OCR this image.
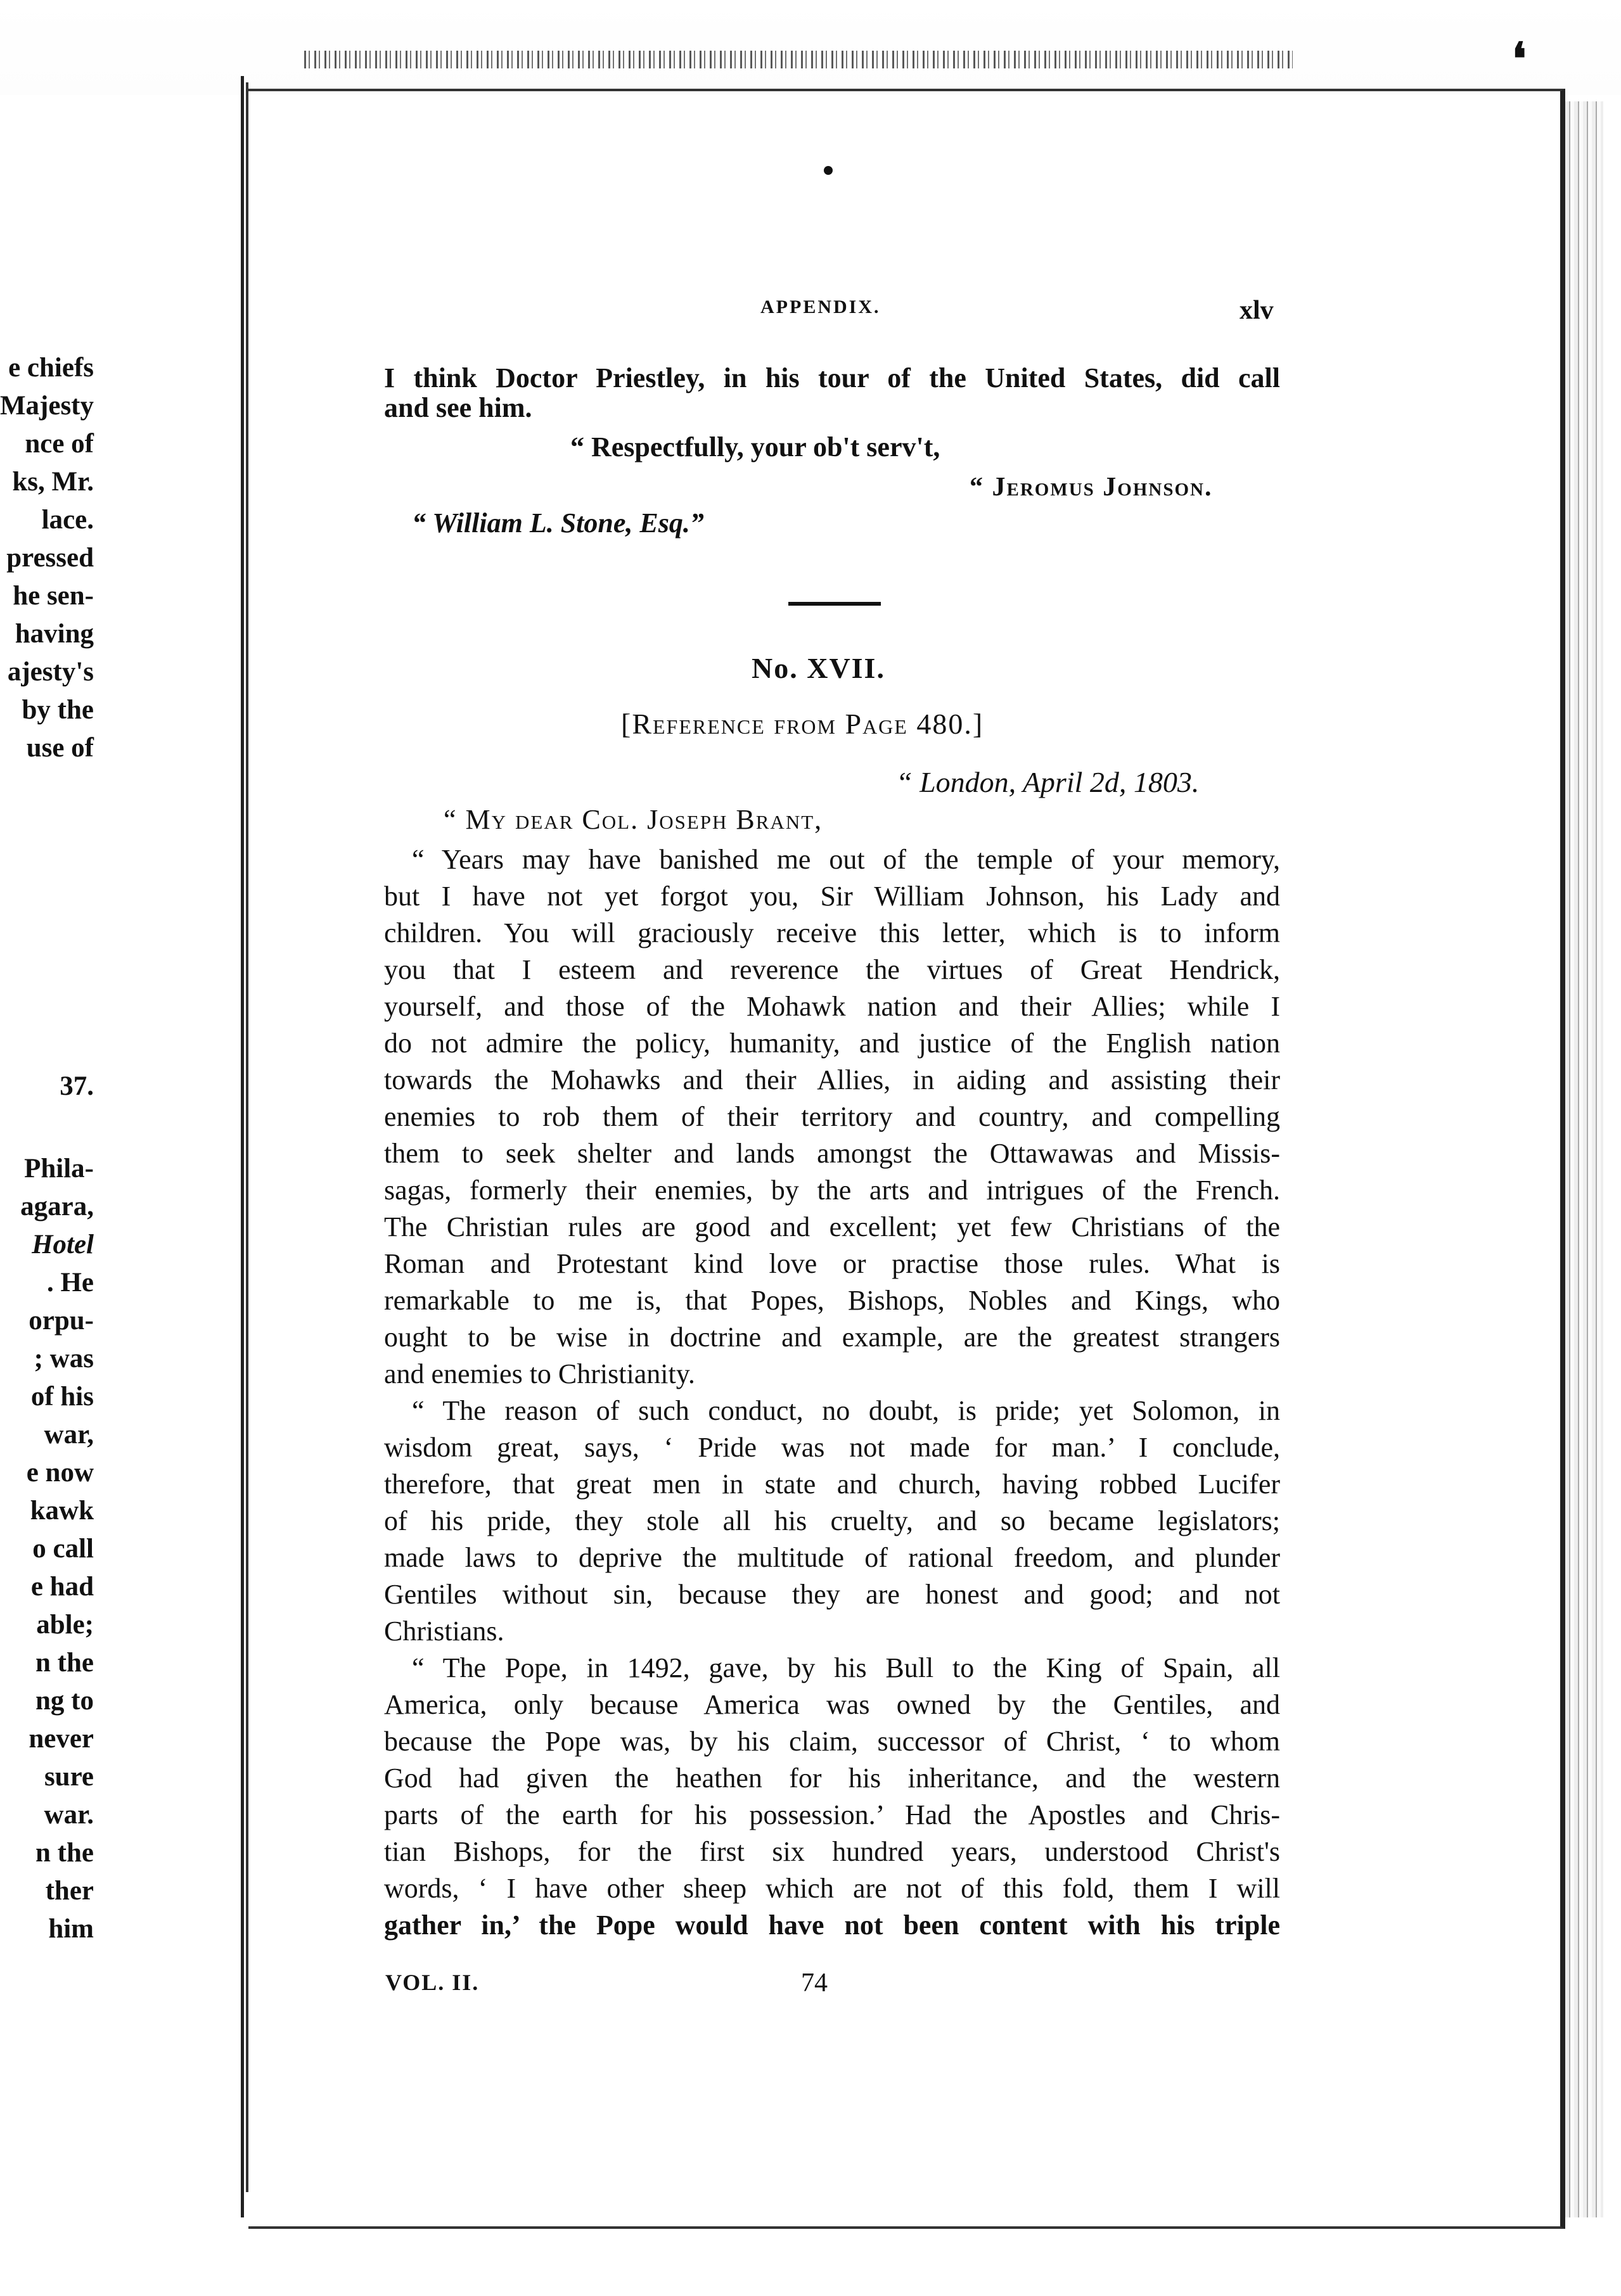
❛
e chiefs
Majesty
nce of
ks, Mr.
lace.
pressed
he sen-
having
ajesty's
by the
use of
37.
Phila-
agara,
Hotel
. He
orpu-
; was
of his
war,
e now
kawk
o call
e had
able;
n the
ng to
never
sure
war.
n the
ther
him
APPENDIX.	xlv
I think Doctor Priestley, in his tour of the United States, did call
and see him.
“ Respectfully, your ob't serv't,
“ Jeromus Johnson.
“ William L. Stone, Esq.”
No. XVII.
[Reference from Page 480.]
“ London, April 2d, 1803.
“ My dear Col. Joseph Brant,
“ Years may have banished me out of the temple of your memory,
but I have not yet forgot you, Sir William Johnson, his Lady and
children. You will graciously receive this letter, which is to inform
you that I esteem and reverence the virtues of Great Hendrick,
yourself, and those of the Mohawk nation and their Allies; while I
do not admire the policy, humanity, and justice of the English nation
towards the Mohawks and their Allies, in aiding and assisting their
enemies to rob them of their territory and country, and compelling
them to seek shelter and lands amongst the Ottawawas and Missis-
sagas, formerly their enemies, by the arts and intrigues of the French.
The Christian rules are good and excellent; yet few Christians of the
Roman and Protestant kind love or practise those rules. What is
remarkable to me is, that Popes, Bishops, Nobles and Kings, who
ought to be wise in doctrine and example, are the greatest strangers
and enemies to Christianity.
“ The reason of such conduct, no doubt, is pride; yet Solomon, in
wisdom great, says, ‘ Pride was not made for man.’ I conclude,
therefore, that great men in state and church, having robbed Lucifer
of his pride, they stole all his cruelty, and so became legislators;
made laws to deprive the multitude of rational freedom, and plunder
Gentiles without sin, because they are honest and good; and not
Christians.
“ The Pope, in 1492, gave, by his Bull to the King of Spain, all
America, only because America was owned by the Gentiles, and
because the Pope was, by his claim, successor of Christ, ‘ to whom
God had given the heathen for his inheritance, and the western
parts of the earth for his possession.’ Had the Apostles and Chris-
tian Bishops, for the first six hundred years, understood Christ's
words, ‘ I have other sheep which are not of this fold, them I will
gather in,’ the Pope would have not been content with his triple
VOL. II.	74
